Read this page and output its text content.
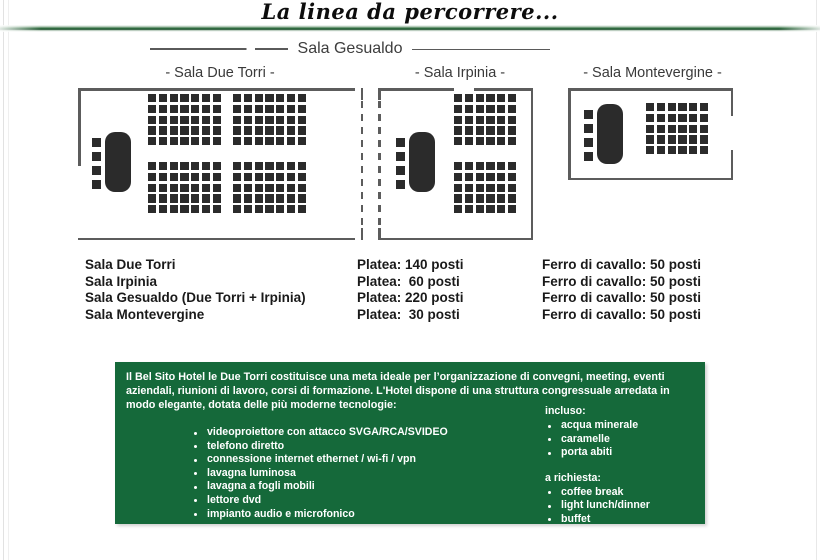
La linea da percorrere...
Sala Gesualdo
- Sala Due Torri -	- Sala Irpinia -	- Sala Montevergine -
Sala Due Torri	Platea: 140 posti	Ferro di cavallo: 50 posti
Sala Irpinia	Platea:  60 posti	Ferro di cavallo: 50 posti
Sala Gesualdo (Due Torri + Irpinia)	Platea: 220 posti	Ferro di cavallo: 50 posti
Sala Montevergine	Platea:  30 posti	Ferro di cavallo: 50 posti
Il Bel Sito Hotel le Due Torri costituisce una meta ideale per l’organizzazione di convegni, meeting, eventi aziendali, riunioni di lavoro, corsi di formazione. L'Hotel dispone di una struttura congressuale arredata in modo elegante, dotata delle più moderne tecnologie:
videoproiettore con attacco SVGA/RCA/SVIDEO
telefono diretto
connessione internet ethernet / wi-fi / vpn
lavagna luminosa
lavagna a fogli mobili
lettore dvd
impianto audio e microfonico
incluso:
acqua minerale
caramelle
porta abiti
a richiesta:
coffee break
light lunch/dinner
buffet
